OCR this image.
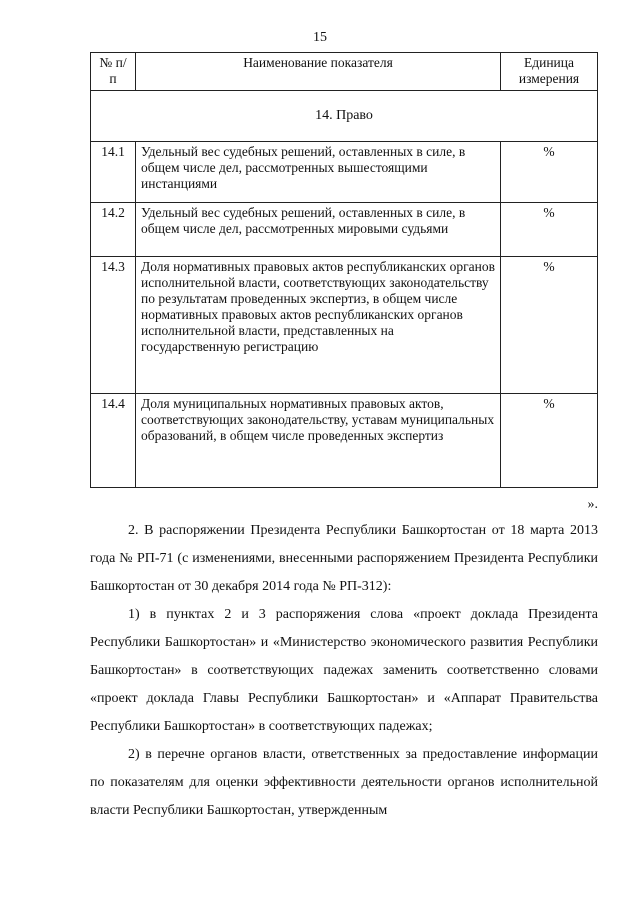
15
№ п/п	Наименование показателя	Единица измерения
14. Право		
14.1	Удельный вес судебных решений, оставленных в силе, в общем числе дел, рассмотренных вышестоящими инстанциями	%
14.2	Удельный вес судебных решений, оставленных в силе, в общем числе дел, рассмотренных мировыми судьями	%
14.3	Доля нормативных правовых актов республиканских органов исполнительной власти, соответствующих законодательству по результатам проведенных экспертиз, в общем числе нормативных правовых актов республиканских органов исполнительной власти, представленных на государственную регистрацию	%
14.4	Доля муниципальных нормативных правовых актов, соответствующих законодательству, уставам муниципальных образований, в общем числе проведенных экспертиз	%
».

2. В распоряжении Президента Республики Башкортостан от 18 марта 2013 года № РП-71 (с изменениями, внесенными распоряжением Президента Республики Башкортостан от 30 декабря 2014 года № РП-312):

1) в пунктах 2 и 3 распоряжения слова «проект доклада Президента Республики Башкортостан» и «Министерство экономического развития Республики Башкортостан» в соответствующих падежах заменить соответственно словами «проект доклада Главы Республики Башкортостан» и «Аппарат Правительства Республики Башкортостан» в соответствующих падежах;

2) в перечне органов власти, ответственных за предоставление информации по показателям для оценки эффективности деятельности органов исполнительной власти Республики Башкортостан, утвержденным
